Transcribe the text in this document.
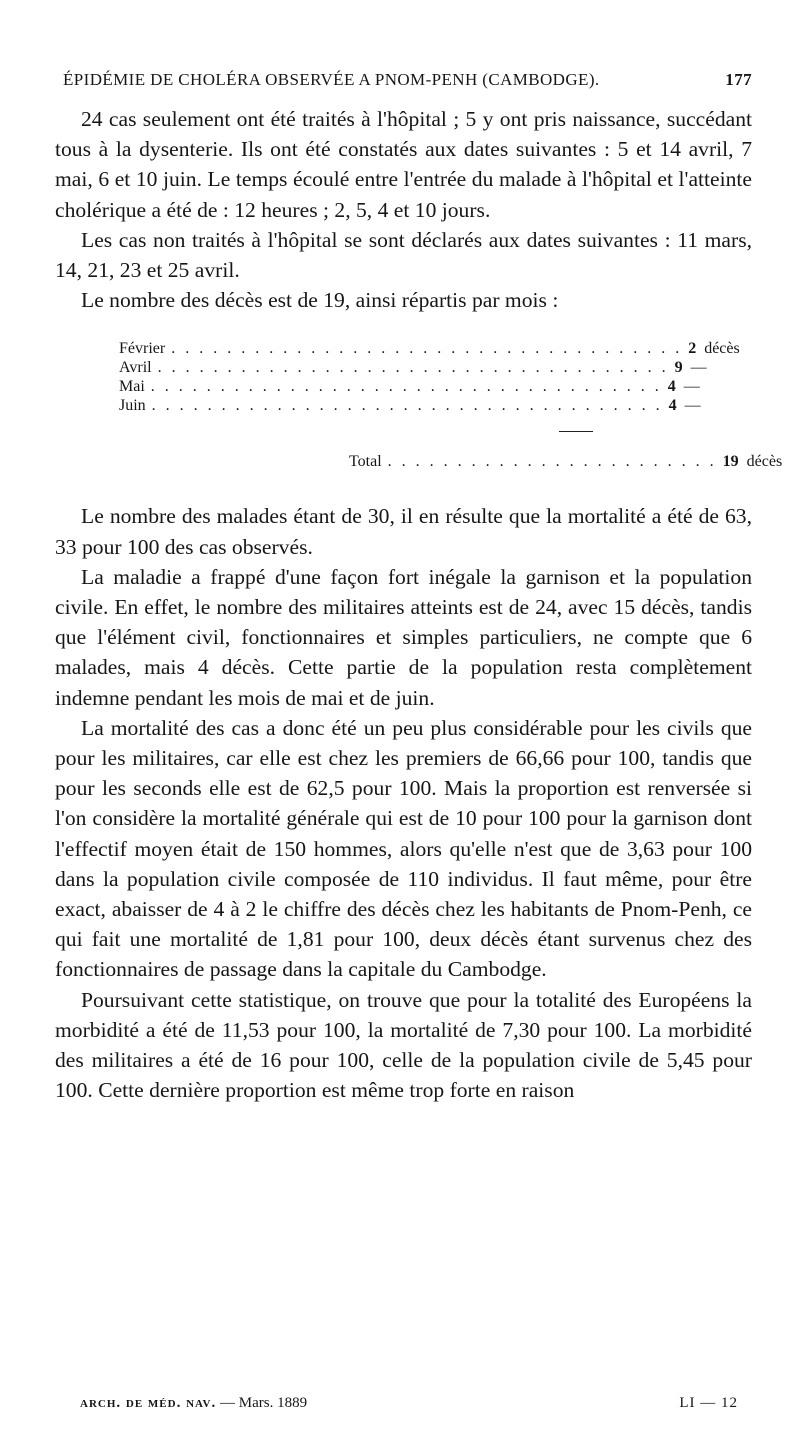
ÉPIDÉMIE DE CHOLÉRA OBSERVÉE A PNOM-PENH (CAMBODGE).	177

24 cas seulement ont été traités à l'hôpital ; 5 y ont pris naissance, succédant tous à la dysenterie. Ils ont été constatés aux dates suivantes : 5 et 14 avril, 7 mai, 6 et 10 juin. Le temps écoulé entre l'entrée du malade à l'hôpital et l'atteinte cholérique a été de : 12 heures ; 2, 5, 4 et 10 jours.

Les cas non traités à l'hôpital se sont déclarés aux dates suivantes : 11 mars, 14, 21, 23 et 25 avril.

Le nombre des décès est de 19, ainsi répartis par mois :

Février . . . . . . . . . . . . . . . . . . . . . . . . . . . . . . . . . . . . . 2 décès
Avril . . . . . . . . . . . . . . . . . . . . . . . . . . . . . . . . . . . . . 9 —
Mai . . . . . . . . . . . . . . . . . . . . . . . . . . . . . . . . . . . . . 4 —
Juin . . . . . . . . . . . . . . . . . . . . . . . . . . . . . . . . . . . . . 4 —
Total . . . . . . . . . . . . . . . . . . . . . . . . 19 décès

Le nombre des malades étant de 30, il en résulte que la mortalité a été de 63, 33 pour 100 des cas observés.

La maladie a frappé d'une façon fort inégale la garnison et la population civile. En effet, le nombre des militaires atteints est de 24, avec 15 décès, tandis que l'élément civil, fonctionnaires et simples particuliers, ne compte que 6 malades, mais 4 décès. Cette partie de la population resta complètement indemne pendant les mois de mai et de juin.

La mortalité des cas a donc été un peu plus considérable pour les civils que pour les militaires, car elle est chez les premiers de 66,66 pour 100, tandis que pour les seconds elle est de 62,5 pour 100. Mais la proportion est renversée si l'on considère la mortalité générale qui est de 10 pour 100 pour la garnison dont l'effectif moyen était de 150 hommes, alors qu'elle n'est que de 3,63 pour 100 dans la population civile composée de 110 individus. Il faut même, pour être exact, abaisser de 4 à 2 le chiffre des décès chez les habitants de Pnom-Penh, ce qui fait une mortalité de 1,81 pour 100, deux décès étant survenus chez des fonctionnaires de passage dans la capitale du Cambodge.

Poursuivant cette statistique, on trouve que pour la totalité des Européens la morbidité a été de 11,53 pour 100, la mortalité de 7,30 pour 100. La morbidité des militaires a été de 16 pour 100, celle de la population civile de 5,45 pour 100. Cette dernière proportion est même trop forte en raison

arch. de méd. nav. — Mars. 1889	LI — 12
